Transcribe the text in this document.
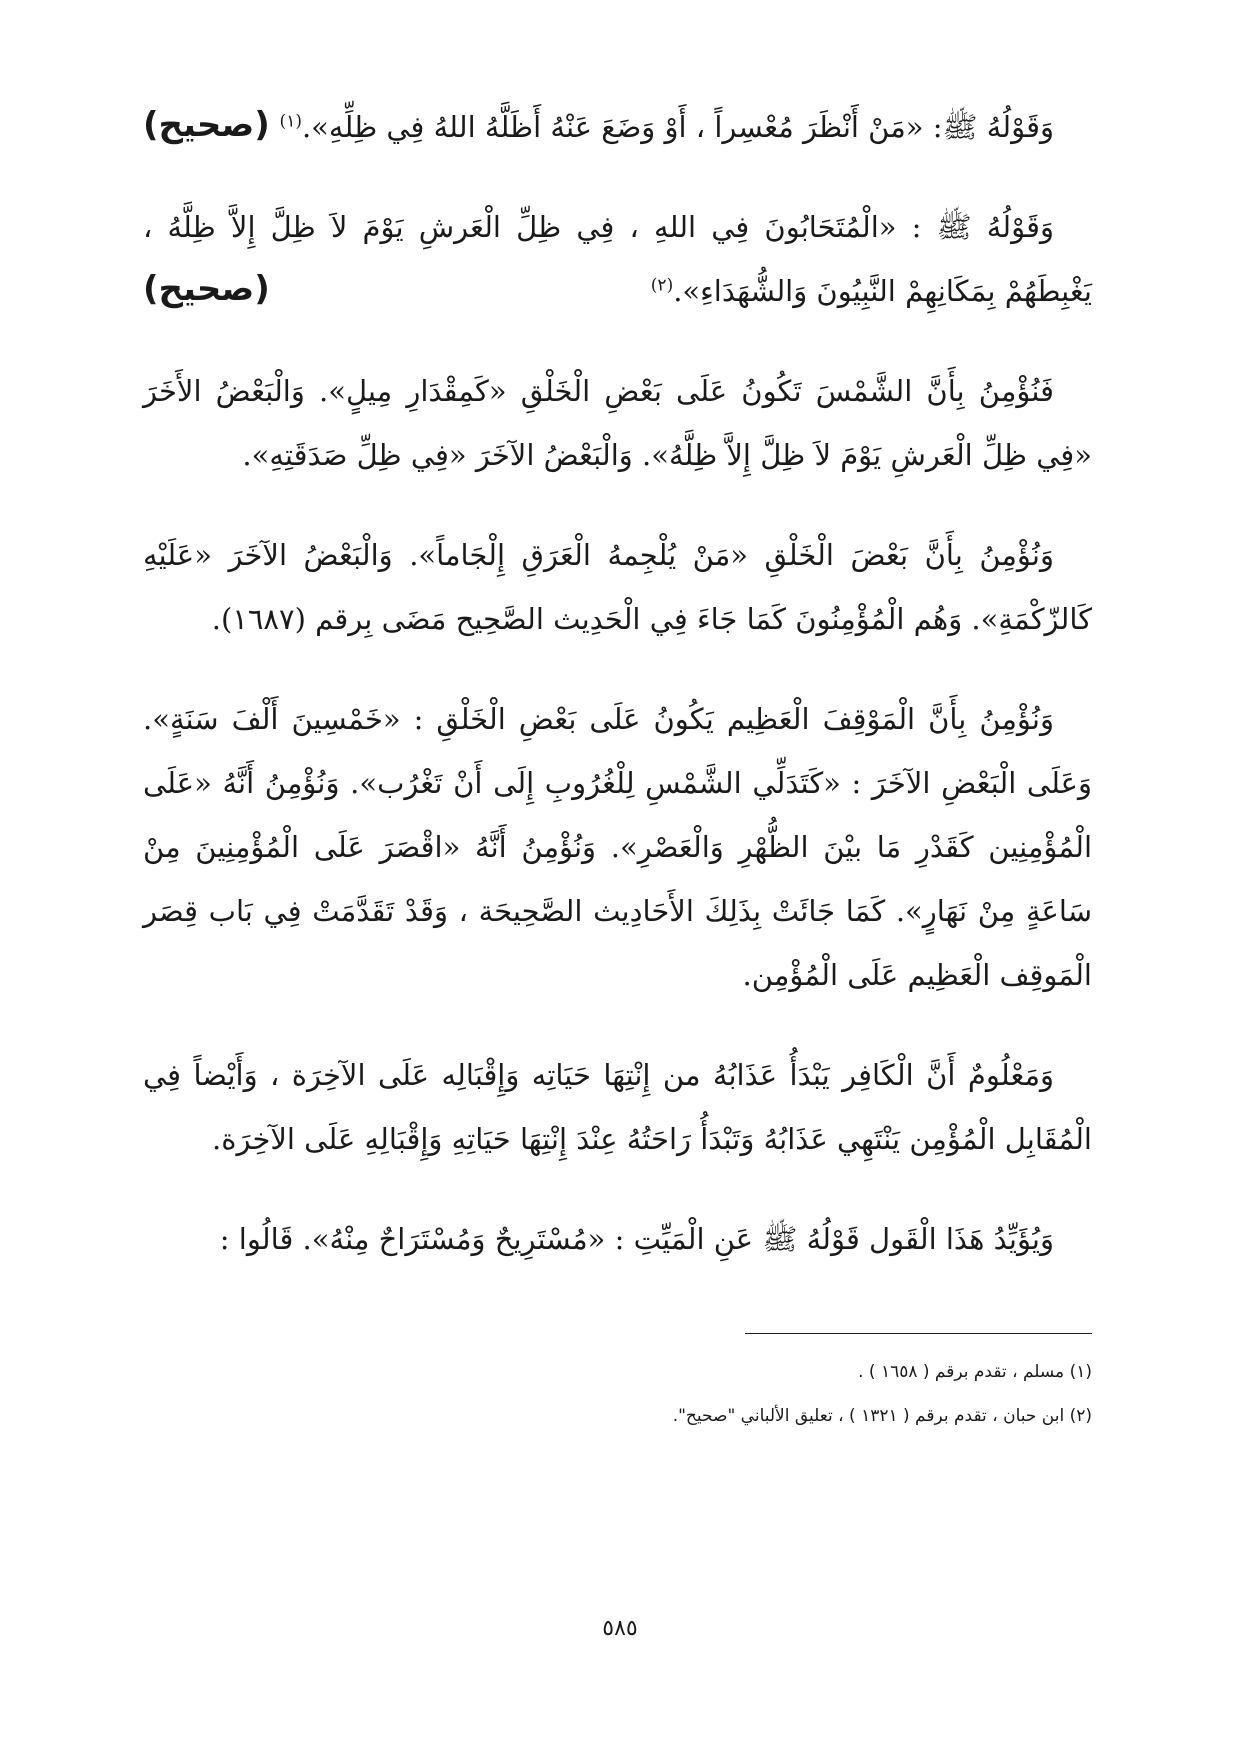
وَقَوْلُهُ ﷺ: «مَنْ أَنْظَرَ مُعْسِراً ، أَوْ وَضَعَ عَنْهُ أَظَلَّهُ اللهُ فِي ظِلِّهِ».$^{(١)}$
(صحيح)

وَقَوْلُهُ ﷺ : «الْمُتَحَابُونَ فِي اللهِ ، فِي ظِلِّ الْعَرشِ يَوْمَ لاَ ظِلَّ إِلاَّ ظِلَّهُ ، يَغْبِطَهُمْ بِمَكَانِهِمْ النَّبِيُونَ وَالشُّهَدَاءِ».$^{(٢)}$
(صحيح)

فَنُؤْمِنُ بِأَنَّ الشَّمْسَ تَكُونُ عَلَى بَعْضِ الْخَلْقِ «كَمِقْدَارِ مِيلٍ». وَالْبَعْضُ الأَخَرَ «فِي ظِلِّ الْعَرشِ يَوْمَ لاَ ظِلَّ إِلاَّ ظِلَّهُ». وَالْبَعْضُ الآخَرَ «فِي ظِلِّ صَدَقَتِهِ».

وَنُؤْمِنُ بِأَنَّ بَعْضَ الْخَلْقِ «مَنْ يُلْجِمهُ الْعَرَقِ إِلْجَاماً». وَالْبَعْضُ الآخَرَ «عَلَيْهِ كَالزّكْمَةِ». وَهُم الْمُؤْمِنُونَ كَمَا جَاءَ فِي الْحَدِيث الصَّحِيح مَضَى بِرقم (١٦٨٧).

وَنُؤْمِنُ بِأَنَّ الْمَوْقِفَ الْعَظِيم يَكُونُ عَلَى بَعْضِ الْخَلْقِ : «خَمْسِينَ أَلْفَ سَنَةٍ». وَعَلَى الْبَعْضِ الآخَرَ : «كَتَدَلِّي الشَّمْسِ لِلْغُرُوبِ إِلَى أَنْ تَغْرُب». وَنُؤْمِنُ أَنَّهُ «عَلَى الْمُؤْمِنِين كَقَدْرِ مَا بيْنَ الظُّهْرِ وَالْعَصْرِ». وَنُؤْمِنُ أَنَّهُ «اقْصَرَ عَلَى الْمُؤْمِنِينَ مِنْ سَاعَةٍ مِنْ نَهَارٍ». كَمَا جَائَتْ بِذَلِكَ الأَحَادِيث الصَّحِيحَة ، وَقَدْ تَقَدَّمَتْ فِي بَاب قِصَر الْمَوقِف الْعَظِيم عَلَى الْمُؤْمِن.

وَمَعْلُومٌ أَنَّ الْكَافِر يَبْدَأُ عَذَابُهُ من إِنْتِهَا حَيَاتِه وَإِقْبَالِه عَلَى الآخِرَة ، وَأَيْضاً فِي الْمُقَابِل الْمُؤْمِن يَنْتَهِي عَذَابُهُ وَتَبْدَأُ رَاحَتُهُ عِنْدَ إِنْتِهَا حَيَاتِهِ وَإِقْبَالِهِ عَلَى الآخِرَة.

وَيُؤَيِّدُ هَذَا الْقَول قَوْلُهُ ﷺ عَنِ الْمَيِّتِ : «مُسْتَرِيحٌ وَمُسْتَرَاحٌ مِنْهُ». قَالُوا :

(١) مسلم ، تقدم برقم ( ١٦٥٨ ) .

(٢) ابن حبان ، تقدم برقم ( ١٣٢١ ) ، تعليق الألباني "صحيح".

٥٨٥
